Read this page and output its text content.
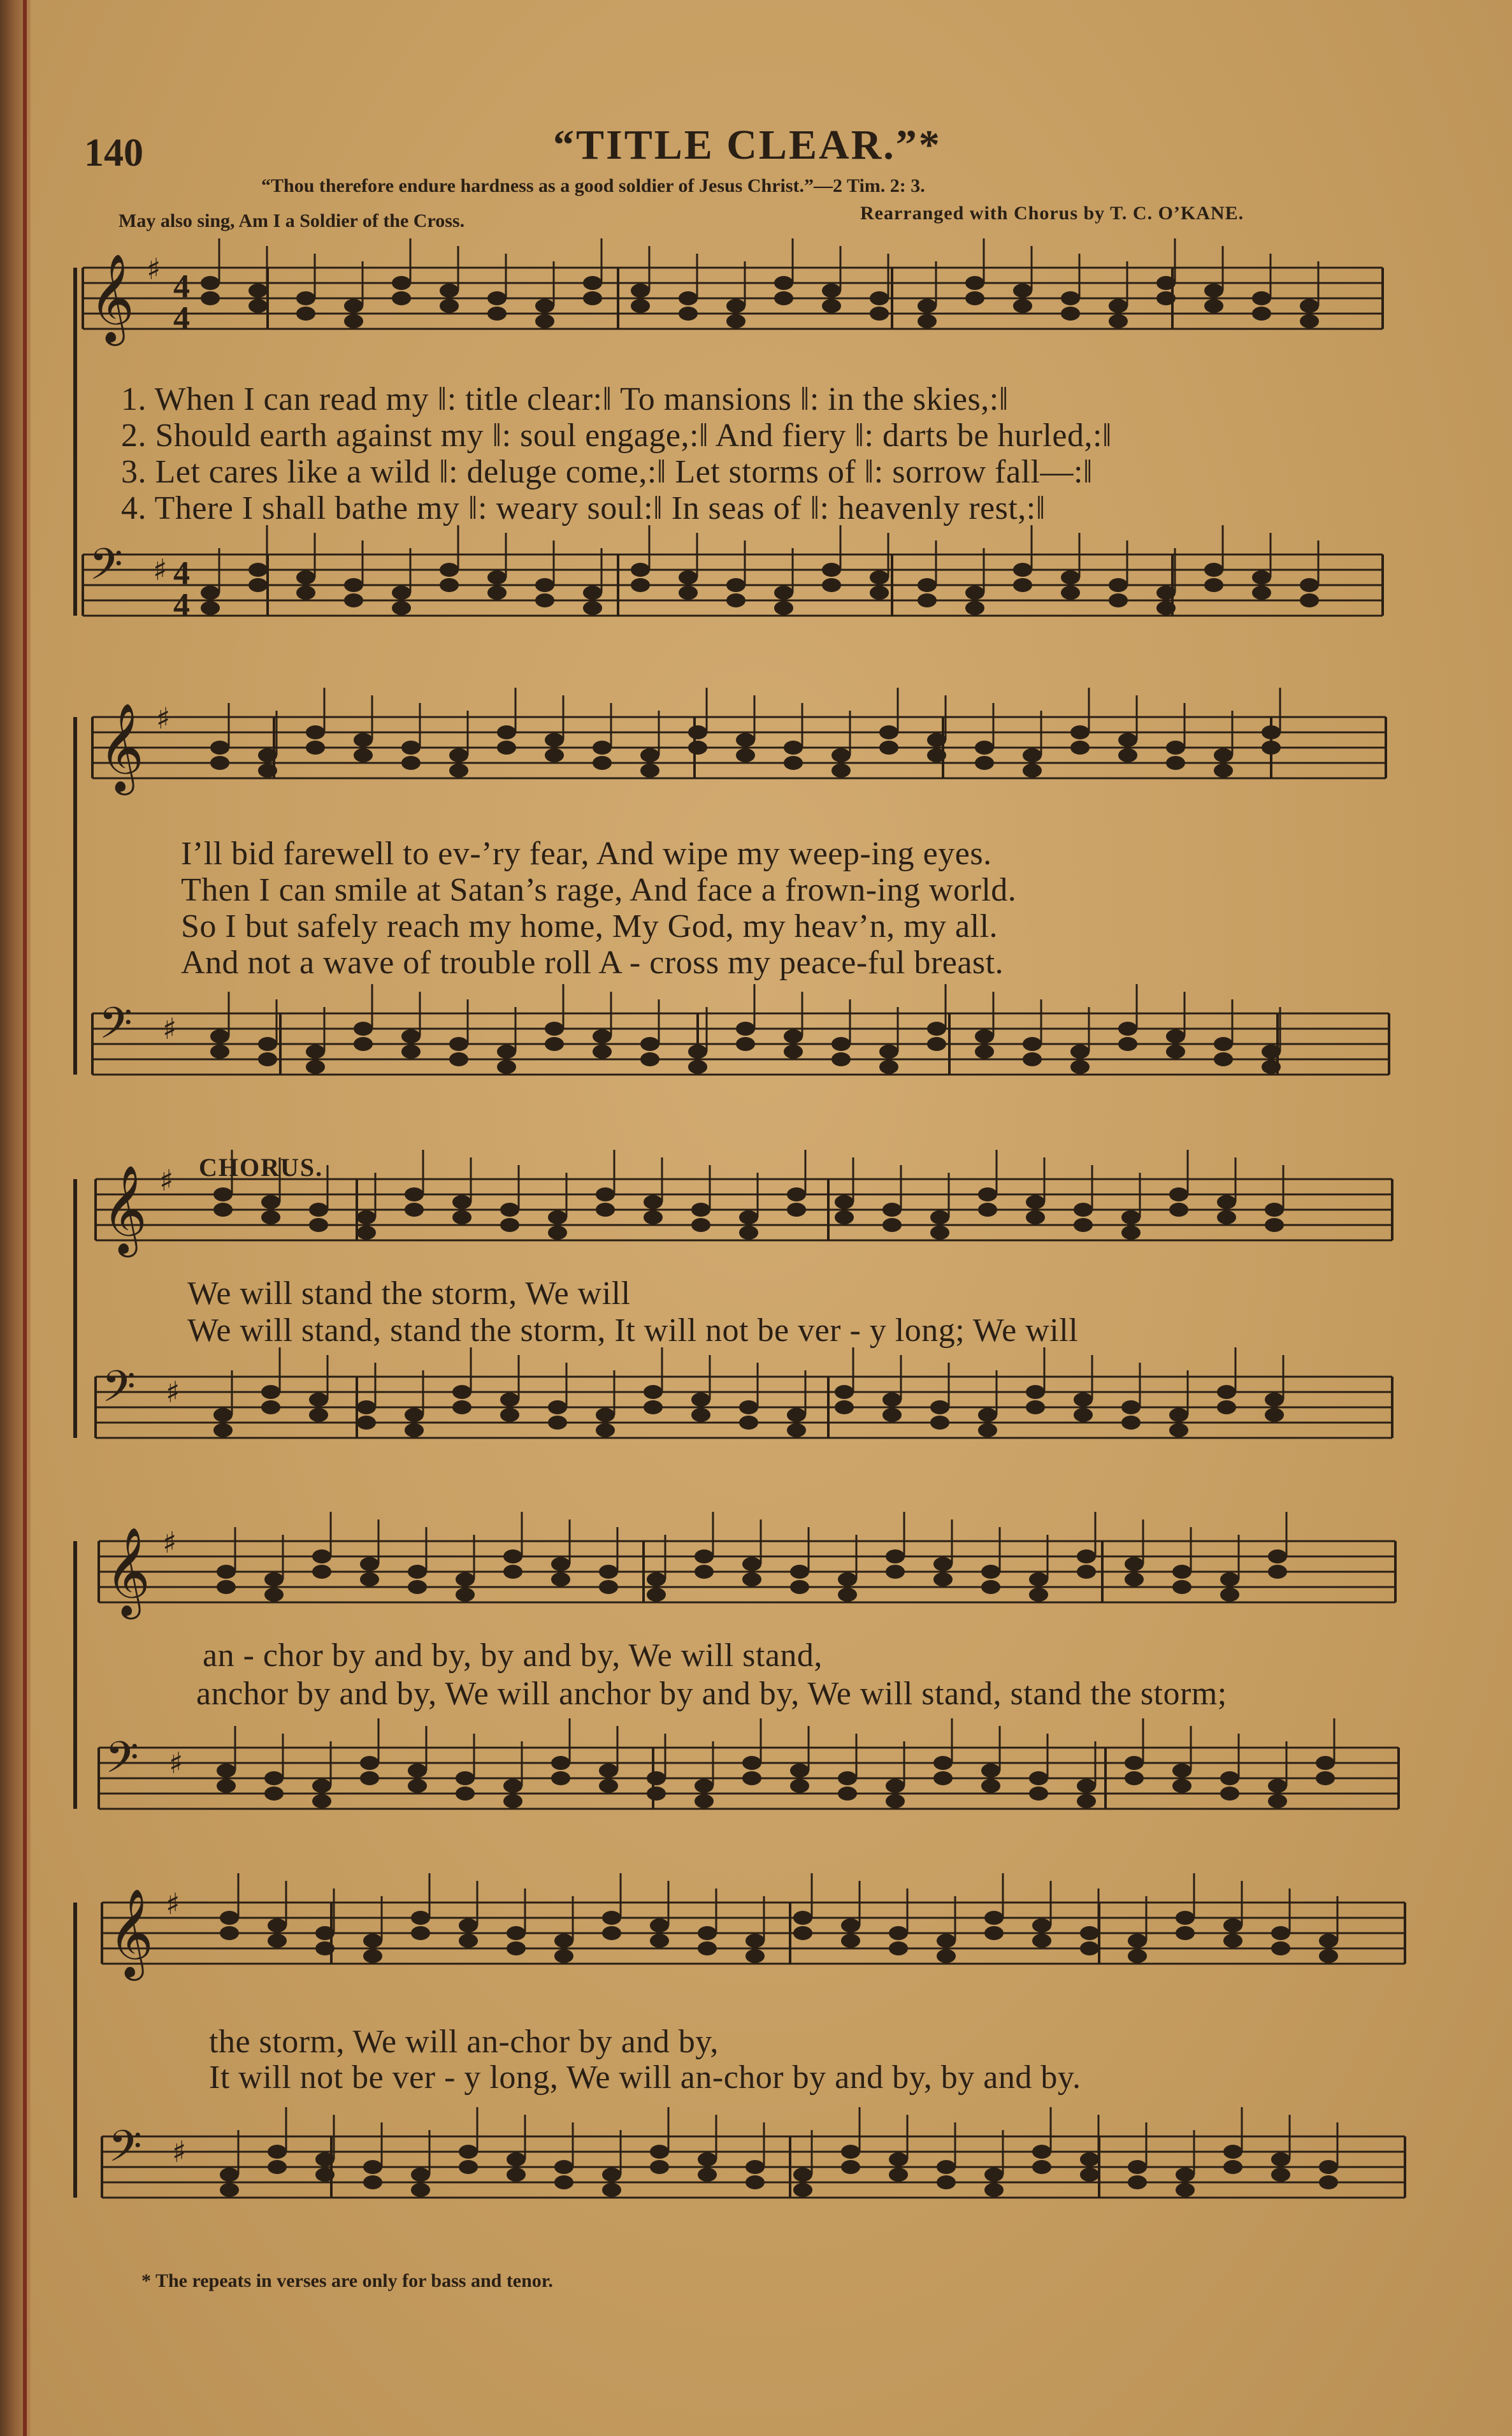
140	“TITLE CLEAR.”*
“Thou therefore endure hardness as a good soldier of Jesus Christ.”—2 Tim. 2: 3.
May also sing, Am I a Soldier of the Cross.	Rearranged with Chorus by T. C. O’KANE.
𝄞 ♯
𝄢 ♯
𝄞 ♯
𝄢 ♯
𝄞 ♯
𝄢 ♯
𝄞 ♯
𝄢 ♯
𝄞 ♯
𝄢 ♯
4
4
4
4
1. When I can read my ‖: title clear:‖ To mansions ‖: in the skies,:‖
2. Should earth against my ‖: soul engage,:‖ And fiery ‖: darts be hurled,:‖
3. Let cares like a wild ‖: deluge come,:‖ Let storms of ‖: sorrow fall—:‖
4. There I shall bathe my ‖: weary soul:‖ In seas of ‖: heavenly rest,:‖
I’ll bid farewell to ev-’ry fear, And wipe my weep-ing eyes.
Then I can smile at Satan’s rage, And face a frown-ing world.
So I but safely reach my home, My God, my heav’n, my all.
And not a wave of trouble roll A - cross my peace-ful breast.
CHORUS.
We will stand the storm, We will
We will stand, stand the storm, It will not be ver - y long; We will
an - chor by and by, by and by, We will stand,
anchor by and by, We will anchor by and by, We will stand, stand the storm;
the storm, We will an-chor by and by,
It will not be ver - y long, We will an-chor by and by, by and by.
* The repeats in verses are only for bass and tenor.
